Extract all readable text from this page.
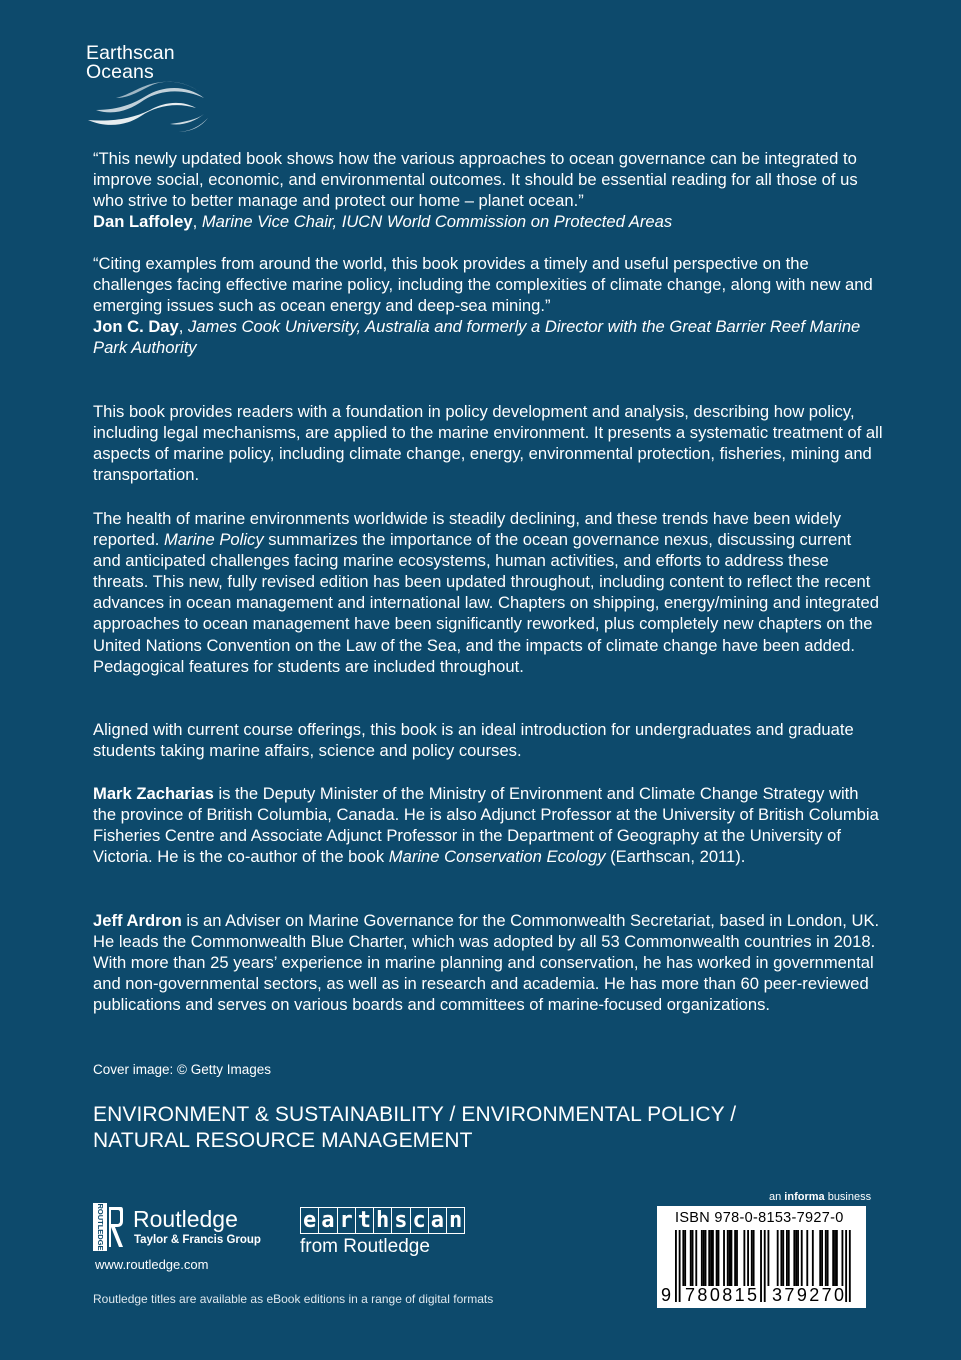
Earthscan
Oceans

“This newly updated book shows how the various approaches to ocean governance can be integrated to improve social, economic, and environmental outcomes. It should be essential reading for all those of us who strive to better manage and protect our home – planet ocean.”

Dan Laffoley, Marine Vice Chair, IUCN World Commission on Protected Areas

“Citing examples from around the world, this book provides a timely and useful perspective on the challenges facing effective marine policy, including the complexities of climate change, along with new and emerging issues such as ocean energy and deep-sea mining.”

Jon C. Day, James Cook University, Australia and formerly a Director with the Great Barrier Reef Marine Park Authority

This book provides readers with a foundation in policy development and analysis, describing how policy, including legal mechanisms, are applied to the marine environment. It presents a systematic treatment of all aspects of marine policy, including climate change, energy, environmental protection, fisheries, mining and transportation.

The health of marine environments worldwide is steadily declining, and these trends have been widely reported. Marine Policy summarizes the importance of the ocean governance nexus, discussing current and anticipated challenges facing marine ecosystems, human activities, and efforts to address these threats. This new, fully revised edition has been updated throughout, including content to reflect the recent advances in ocean management and international law. Chapters on shipping, energy/mining and integrated approaches to ocean management have been significantly reworked, plus completely new chapters on the United Nations Convention on the Law of the Sea, and the impacts of climate change have been added. Pedagogical features for students are included throughout.

Aligned with current course offerings, this book is an ideal introduction for undergraduates and graduate students taking marine affairs, science and policy courses.

Mark Zacharias is the Deputy Minister of the Ministry of Environment and Climate Change Strategy with the province of British Columbia, Canada. He is also Adjunct Professor at the University of British Columbia Fisheries Centre and Associate Adjunct Professor in the Department of Geography at the University of Victoria. He is the co-author of the book Marine Conservation Ecology (Earthscan, 2011).

Jeff Ardron is an Adviser on Marine Governance for the Commonwealth Secretariat, based in London, UK. He leads the Commonwealth Blue Charter, which was adopted by all 53 Commonwealth countries in 2018. With more than 25 years’ experience in marine planning and conservation, he has worked in governmental and non-governmental sectors, as well as in research and academia. He has more than 60 peer-reviewed publications and serves on various boards and committees of marine-focused organizations.

Cover image: © Getty Images
ENVIRONMENT & SUSTAINABILITY / ENVIRONMENTAL POLICY /
NATURAL RESOURCE MANAGEMENT
ROUTLEDGE Routledge
Taylor & Francis Group
www.routledge.com
e a r t h s c a n
from Routledge
Routledge titles are available as eBook editions in a range of digital formats
an informa business
ISBN 978-0-8153-7927-0
9 780815 379270
